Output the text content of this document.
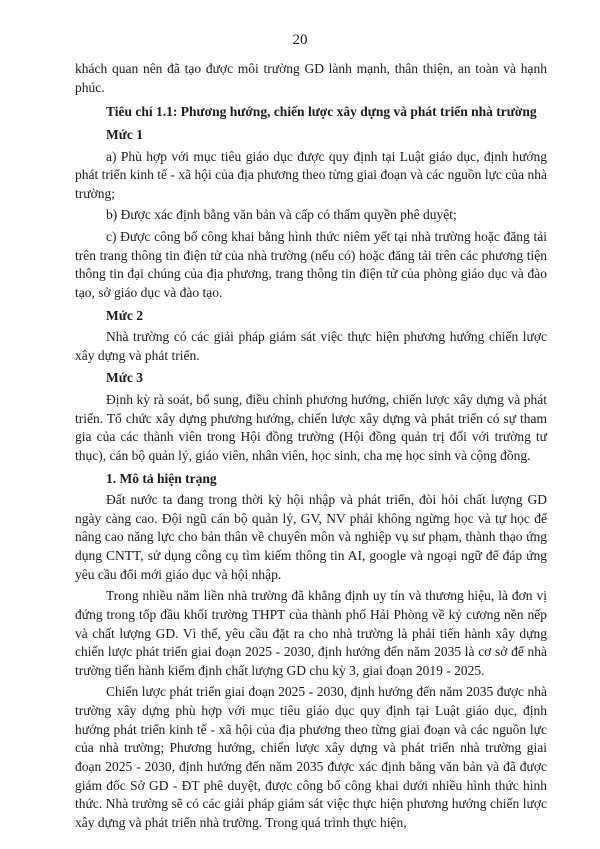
20

khách quan nên đã tạo được môi trường GD lành mạnh, thân thiện, an toàn và hạnh phúc.

Tiêu chí 1.1: Phương hướng, chiến lược xây dựng và phát triển nhà trường

Mức 1

a) Phù hợp với mục tiêu giáo dục được quy định tại Luật giáo dục, định hướng phát triển kinh tế - xã hội của địa phương theo từng giai đoạn và các nguồn lực của nhà trường;

b) Được xác định bằng văn bản và cấp có thẩm quyền phê duyệt;

c) Được công bố công khai bằng hình thức niêm yết tại nhà trường hoặc đăng tải trên trang thông tin điện tử của nhà trường (nếu có) hoặc đăng tải trên các phương tiện thông tin đại chúng của địa phương, trang thông tin điện tử của phòng giáo dục và đào tạo, sở giáo dục và đào tạo.

Mức 2

Nhà trường có các giải pháp giám sát việc thực hiện phương hướng chiến lược xây dựng và phát triển.

Mức 3

Định kỳ rà soát, bổ sung, điều chỉnh phương hướng, chiến lược xây dựng và phát triển. Tổ chức xây dựng phương hướng, chiến lược xây dựng và phát triển có sự tham gia của các thành viên trong Hội đồng trường (Hội đồng quản trị đối với trường tư thục), cán bộ quản lý, giáo viên, nhân viên, học sinh, cha mẹ học sinh và cộng đồng.

1. Mô tả hiện trạng

Đất nước ta đang trong thời kỳ hội nhập và phát triển, đòi hỏi chất lượng GD ngày càng cao. Đội ngũ cán bộ quản lý, GV, NV phải không ngừng học và tự học để nâng cao năng lực cho bản thân về chuyên môn và nghiệp vụ sư phạm, thành thạo ứng dụng CNTT, sử dụng công cụ tìm kiếm thông tin AI, google và ngoại ngữ để đáp ứng yêu cầu đổi mới giáo dục và hội nhập.

Trong nhiều năm liền nhà trường đã khẳng định uy tín và thương hiệu, là đơn vị đứng trong tốp đầu khối trường THPT của thành phố Hải Phòng về kỷ cương nền nếp và chất lượng GD. Vì thế, yêu cầu đặt ra cho nhà trường là phải tiến hành xây dựng chiến lược phát triển giai đoạn 2025 - 2030, định hướng đến năm 2035 là cơ sở để nhà trường tiến hành kiểm định chất lượng GD chu kỳ 3, giai đoạn 2019 - 2025.

Chiến lược phát triển giai đoạn 2025 - 2030, định hướng đến năm 2035 được nhà trường xây dựng phù hợp với mục tiêu giáo dục quy định tại Luật giáo dục, định hướng phát triển kinh tế - xã hội của địa phương theo từng giai đoạn và các nguồn lực của nhà trường; Phương hướng, chiến lược xây dựng và phát triển nhà trường giai đoạn 2025 - 2030, định hướng đến năm 2035 được xác định bằng văn bản và đã được giám đốc Sở GD - ĐT phê duyệt, được công bố công khai dưới nhiều hình thức hình thức. Nhà trường sẽ có các giải pháp giám sát việc thực hiện phương hướng chiến lược xây dựng và phát triển nhà trường. Trong quá trình thực hiện,
